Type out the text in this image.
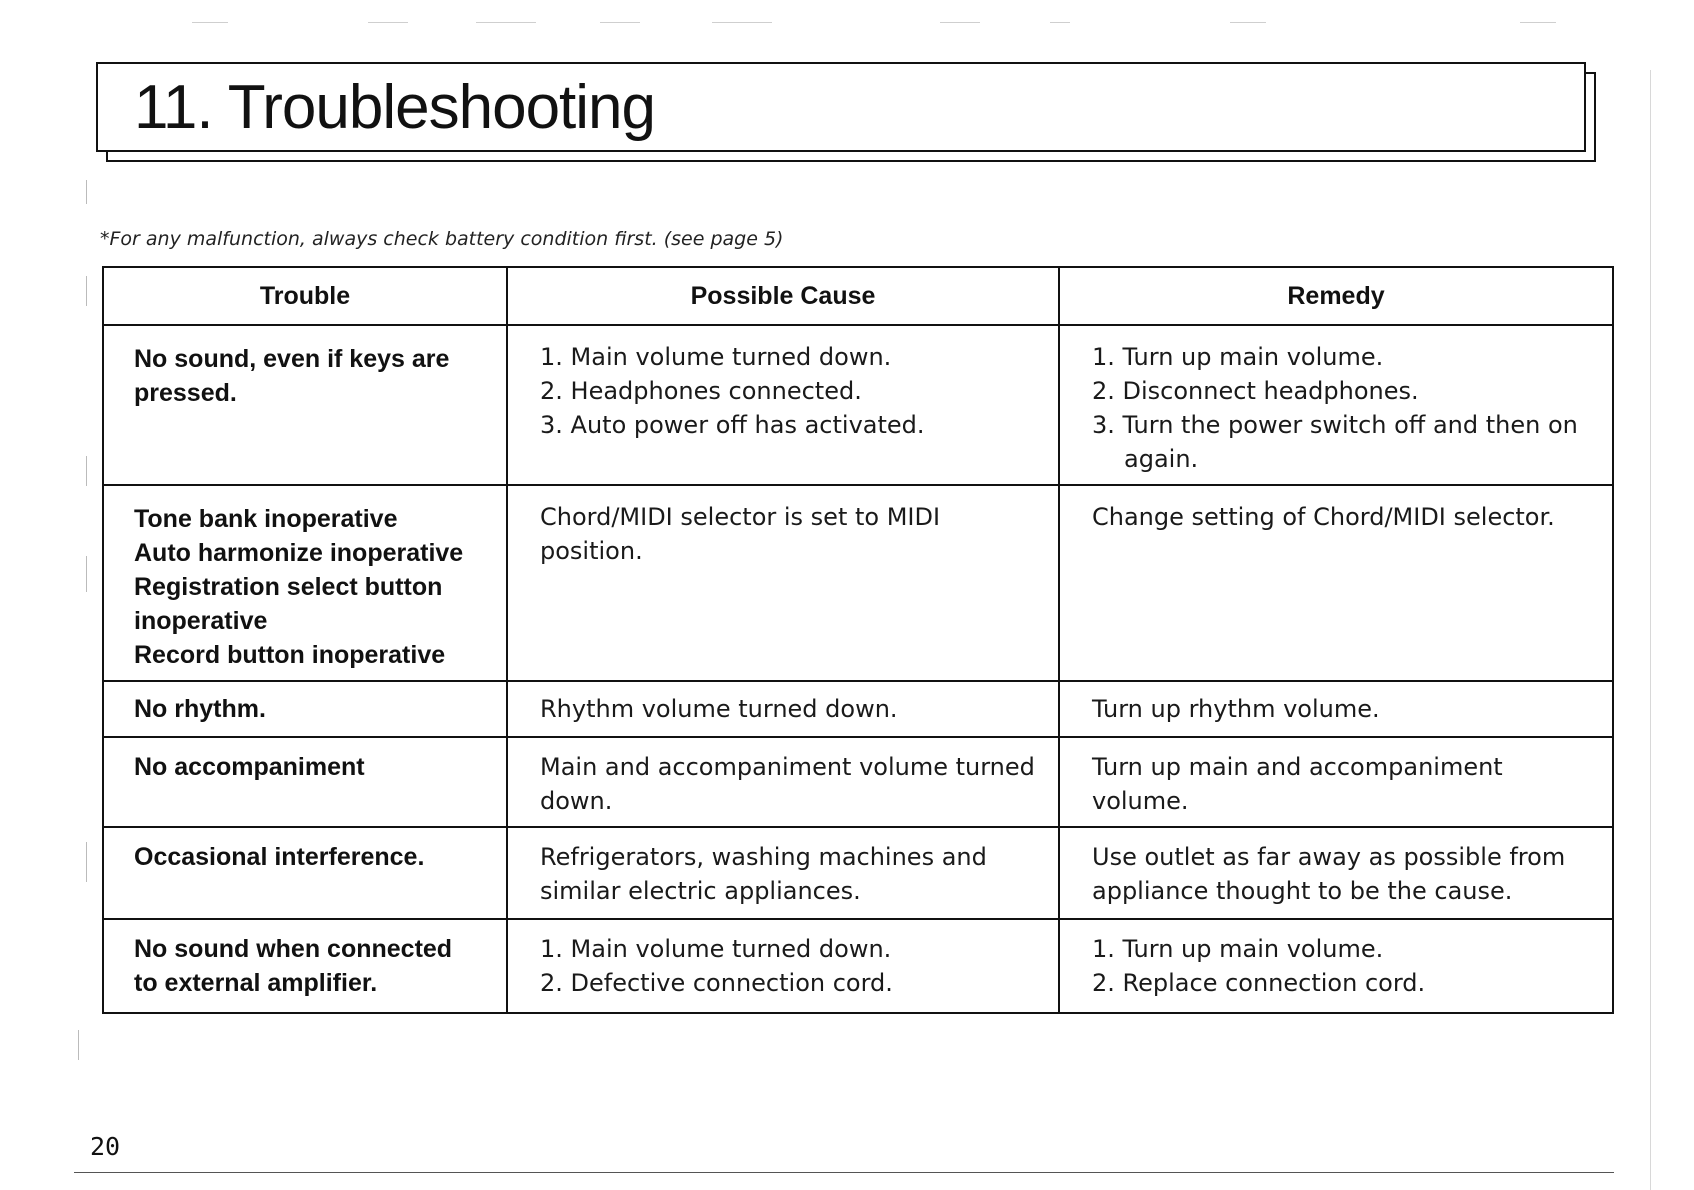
11. Troubleshooting
*For any malfunction, always check battery condition first. (see page 5)
Trouble	Possible Cause	Remedy

No sound, even if keys are
pressed.	1. Main volume turned down.
2. Headphones connected.
3. Auto power off has activated.	1. Turn up main volume.
2. Disconnect headphones.
3. Turn the power switch off and then on again.

Tone bank inoperative
Auto harmonize inoperative
Registration select button
inoperative
Record button inoperative	Chord/MIDI selector is set to MIDI position.	Change setting of Chord/MIDI selector.

No rhythm.	Rhythm volume turned down.	Turn up rhythm volume.

No accompaniment	Main and accompaniment volume turned down.	Turn up main and accompaniment volume.

Occasional interference.	Refrigerators, washing machines and similar electric appliances.	Use outlet as far away as possible from appliance thought to be the cause.

No sound when connected
to external amplifier.	1. Main volume turned down.
2. Defective connection cord.	1. Turn up main volume.
2. Replace connection cord.
20
